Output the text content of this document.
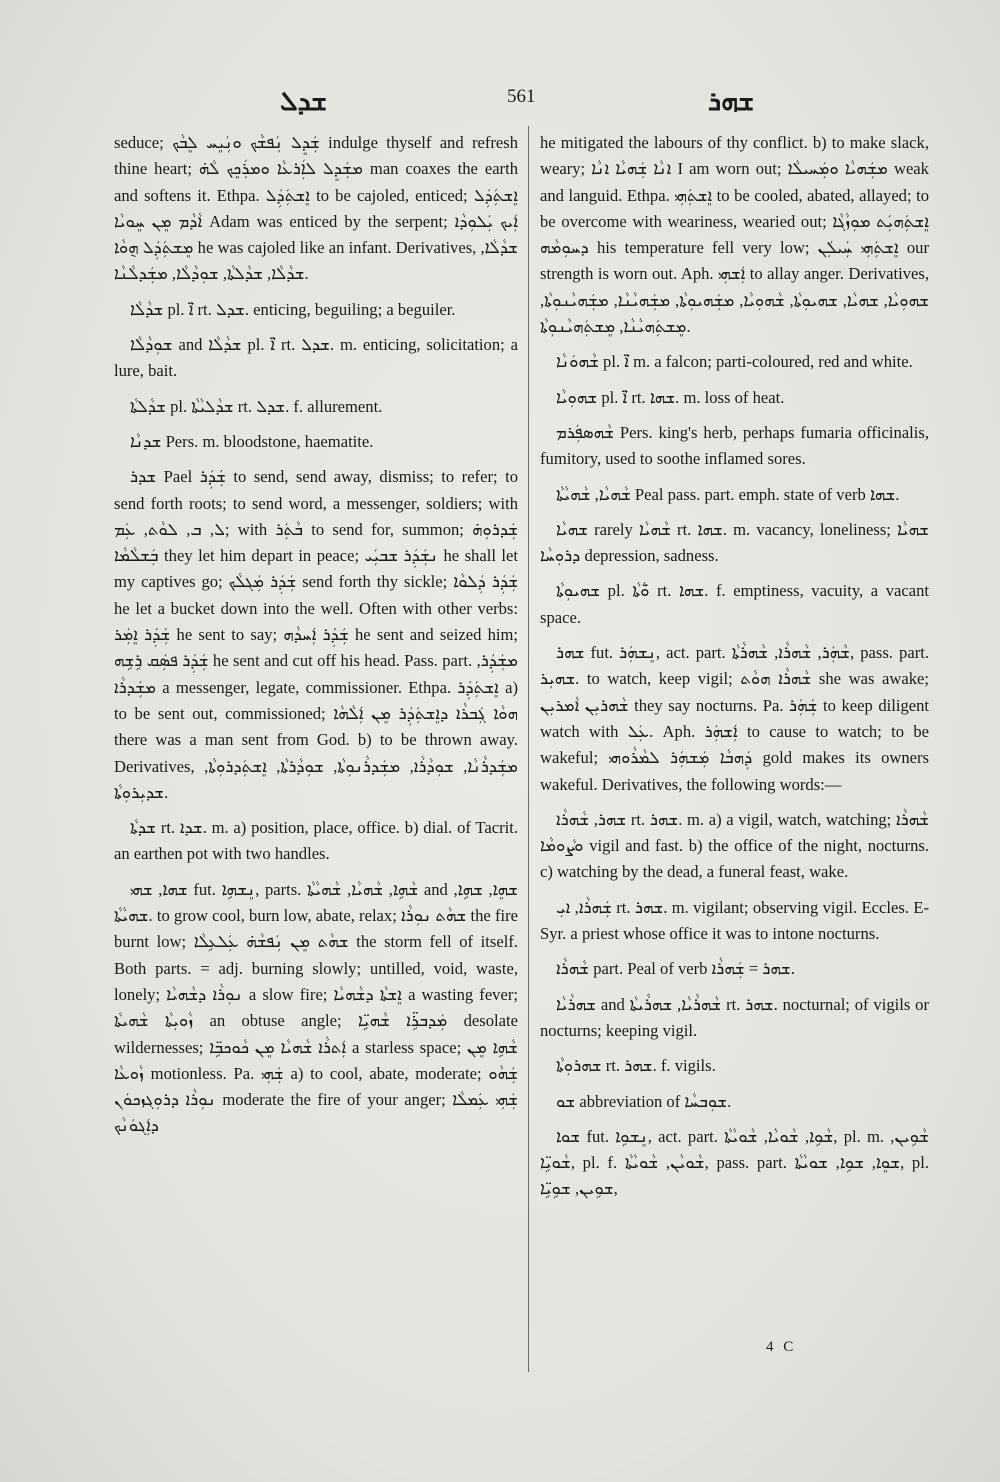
ܫܕܠ	561	ܫܗܪ

seduce; ܫܲܕܸܠ ܢܲܦܫܵܟ ܘܢܲܝܸܚ ܠܸܒܵܟ indulge thyself and refresh thine heart; ܡܫܲܕܸܠ ܠܐܲܪܥܵܐ ܘܡܪܲܟܸܟ ܠܵܗ̇ man coaxes the earth and softens it. Ethpa. ܐܸܫܬܲܕܲܠ to be cajoled, enticed; ܐܸܫܬܲܕܲܠ ܐܵܕܵܡ ܡܸܢ ܚܸܘܝܵܐ Adam was enticed by the serpent; ܐܲܝܟ ܝܲܠܘܼܕܵܐ ܡܸܫܬܲܕܲܠ ܗ݈ܘܵܐ he was cajoled like an infant. Derivatives, ܫܕܵܠܵܐ, ܫܕܵܠܵܐ, ܫܕܵܠܬܵܐ, ܫܘܼܕܵܠܵܐ, ܡܫܲܕܠܵܢܵܐ.

ܫܕܵܠܵܐ pl. ܐ̈ܶ rt. ܫܕܠ. enticing, beguiling; a beguiler.

ܫܘܼܕܵܠܵܐ and ܫܕܵܠܵܐ pl. ܐ̈ܶ rt. ܫܕܠ. m. enticing, solicitation; a lure, bait.

ܫܕܵܠܬܵܐ pl. ܫܕܵܠܝܵܬܵܐ rt. ܫܕܠ. f. allurement.

ܫܕܢܵܐ Pers. m. bloodstone, haematite.

ܫܕܪ Pael ܫܲܕܲܪ to send, send away, dismiss; to refer; to send forth roots; to send word, a messenger, soldiers; with ܠ, ܒ, ܠܘܵܬ, ܥܲܡ; with ܒܵܬܲܪ to send for, summon; ܫܲܕܪܘܼܗ̇ ܒܲܫܠܵܡܵܐ they let him depart in peace; ܢܫܲܕܲܪ ܫܒܝܲܝ he shall let my captives go; ܫܲܕܲܪ ܡܲܓܠܵܟ send forth thy sickle; ܫܲܕܲܪ ܕܲܠܘܵܐ he let a bucket down into the well. Often with other verbs: ܫܲܕܲܪ ܐܸܡܲܪ he sent to say; ܫܲܕܲܪ ܐܲܚܕܵܗ he sent and seized him; ܫܲܕܲܪ ܦܣܲܩ ܪܹܫܹܗ he sent and cut off his head. Pass. part. ܡܫܲܕܲܪ, ܡܫܲܕܪܵܐ a messenger, legate, commissioner. Ethpa. ܐܸܫܬܲܕܲܪ a) to be sent out, commissioned; ܗܘܵܐ ܓܲܒܪܵܐ ܕܐܸܫܬܲܕܲܪ ܡܸܢ ܐܲܠܵܗܵܐ there was a man sent from God. b) to be thrown away. Derivatives, ܡܫܲܕܪܵܢܵܐ, ܫܘܼܕܵܪܵܐ, ܡܫܲܕܪܵܢܘܼܬܵܐ, ܫܘܼܕܵܪܬܵܐ, ܐܸܫܬܲܕܪܘܼܬܵܐ, ܫܕܝܼܪܘܼܬܵܐ.

ܫܕܬܵܐ rt. ܫܕܐ. m. a) position, place, office. b) dial. of Tacrit. an earthen pot with two handles.

ܫܗܐ, ܫܗܝ fut. ܢܸܫܗܹܐ, parts. ܫܵܗܹܐ, ܫܵܗܝܵܐ, ܫܵܗܝܵܬܵܐ and ܫܗܸܐ, ܫܗܹܐ, ܫܗܝܵܬܵܐ. to grow cool, burn low, abate, relax; ܫܗܵܬ ܢܘܼܪܵܐ the fire burnt low; ܫܗܵܬ ܡܸܢ ܢܲܦܫܵܗ̇ ܥܲܠܥܹܠܵܐ the storm fell of itself. Both parts. = adj. burning slowly; untilled, void, waste, lonely; ܢܘܼܪܵܐ ܕܫܵܗܝܵܐ a slow fire; ܐܸܫܬܵܐ ܕܫܵܗܝܵܐ a wasting fever; ܙܵܘܝܼܬܵܐ ܫܵܗܝܬܵܐ an obtuse angle; ܡܲܕܒܪܹ̈ܐ ܫܵܗܝܹ̈ܐ desolate wildernesses; ܐܲܬܪܵܐ ܫܵܗܝܵܐ ܡܸܢ ܟܵܘܟܒܹ̈ܐ a starless space; ܫܵܗܹܐ ܡܸܢ ܙܵܘܥܵܐ motionless. Pa. ܫܲܗܝܼ a) to cool, abate, moderate; ܫܲܗܵܘ ܢܘܼܪܵܐ ܕܪܘܼܓܙܟܘܿܢ moderate the fire of your anger; ܫܲܗܝܼ ܥܲܡܠܵܐ ܕܐܲܓܘܿܢܵܟ

he mitigated the labours of thy conflict. b) to make slack, weary; ܐܢܵܐ ܫܲܗܝܵܐ ܐܢܵܐ I am worn out; ܡܫܲܗܝܵܐ ܘܡܲܚܝܠܵܐ weak and languid. Ethpa. ܐܸܫܬܲܗܝܼ to be cooled, abated, allayed; to be overcome with weariness, wearied out; ܐܸܫܬܲܗܝܲܬ ܡܘܼܙܵܓܵܐ ܕܚܘܼܡܵܗ his temperature fell very low; ܐܸܫܬܲܗܝܼ ܚܲܝܠܲܢ our strength is worn out. Aph. ܐܲܫܗܝܼ to allay anger. Derivatives, ܫܗܘܼܝܵܐ, ܫܗܝܵܐ, ܫܗܝܘܼܬܵܐ, ܫܵܗܘܼܝܵܐ, ܡܫܲܗܝܘܼܬܵܐ, ܡܫܲܗܝܵܢܵܐ, ܡܫܲܗܝܵܢܘܼܬܵܐ, ܡܸܫܬܲܗܝܵܢܵܐ, ܡܸܫܬܲܗܝܵܢܘܼܬܵܐ.

ܫܵܗܘܿܢܵܐ pl. ܐ̈ܶ m. a falcon; parti-coloured, red and white.

ܫܗܘܼܝܵܐ pl. ܐ̈ܶ rt. ܫܗܐ. m. loss of heat.

ܫܵܗܣܦܲܪܡ Pers. king's herb, perhaps fumaria officinalis, fumitory, used to soothe inflamed sores.

ܫܵܗܝܵܐ, ܫܵܗܝܵܬܵܐ Peal pass. part. emph. state of verb ܫܗܐ.

ܫܗܝܵܐ rarely ܫܵܗܝܵܐ rt. ܫܗܐ. m. vacancy, loneliness; ܫܗܝܵܐ ܕܪܘܼܚܵܐ depression, sadness.

ܫܗܝܘܼܬܵܐ pl. ܘ̈ܵܬܵܐ rt. ܫܗܐ. f. emptiness, vacuity, a vacant space.

ܫܗܪ fut. ܢܸܫܗܲܪ, act. part. ܫܵܗܲܪ, ܫܵܗܪܵܐ, ܫܵܗܪܵܬܵܐ, pass. part. ܫܗܝܼܪ. to watch, keep vigil; ܫܵܗܪܵܐ ܗܘܵܬ she was awake; ܫܵܗܪܝܼܢ ܐܵܡܪܝܼܢ they say nocturns. Pa. ܫܲܗܲܪ to keep diligent watch with ܥܲܠ. Aph. ܐܲܫܗܲܪ to cause to watch; to be wakeful; ܕܲܗܒܵܐ ܡܲܫܗܲܪ ܠܡܵܪܵܘܗܝ gold makes its owners wakeful. Derivatives, the following words:—

ܫܗܪ, ܫܵܗܪܵܐ rt. ܫܗܪ. m. a) a vigil, watch, watching; ܫܵܗܪܵܐ ܘܨܵܘܡܵܐ vigil and fast. b) the office of the night, nocturns. c) watching by the dead, a funeral feast, wake.

ܫܲܗܪܵܐ, ܐܝܼ rt. ܫܗܪ. m. vigilant; observing vigil. Eccles. E-Syr. a priest whose office it was to intone nocturns.

ܫܵܗܪܵܐ part. Peal of verb ܫܗܪ = ܫܲܗܪܵܐ.

ܫܗܪܵܝܵܐ and ܫܵܗܪܵܝܵܐ, ܫܗܪܵܝܬܵܐ rt. ܫܗܪ. nocturnal; of vigils or nocturns; keeping vigil.

ܫܗܪܘܼܬܵܐ rt. ܫܗܪ. f. vigils.

ܫܘ abbreviation of ܫܘܼܒܚܵܐ.

ܫܘܐ fut. ܢܸܫܘܹܐ, act. part. ܫܵܘܹܐ, ܫܵܘܝܵܐ, ܫܵܘܝܵܬܵܐ, pl. m. ܫܵܘܹܝܢ, ܫܵܘܝܹ̈ܐ, pl. f. ܫܵܘܝܵܢ, ܫܵܘܝܵܬܵܐ, pass. part. ܫܘܸܐ, ܫܘܹܐ, ܫܘܝܵܬܵܐ, pl. ܫܘܹܝܢ, ܫܘܹܝܹ̈ܐ,

4 C
